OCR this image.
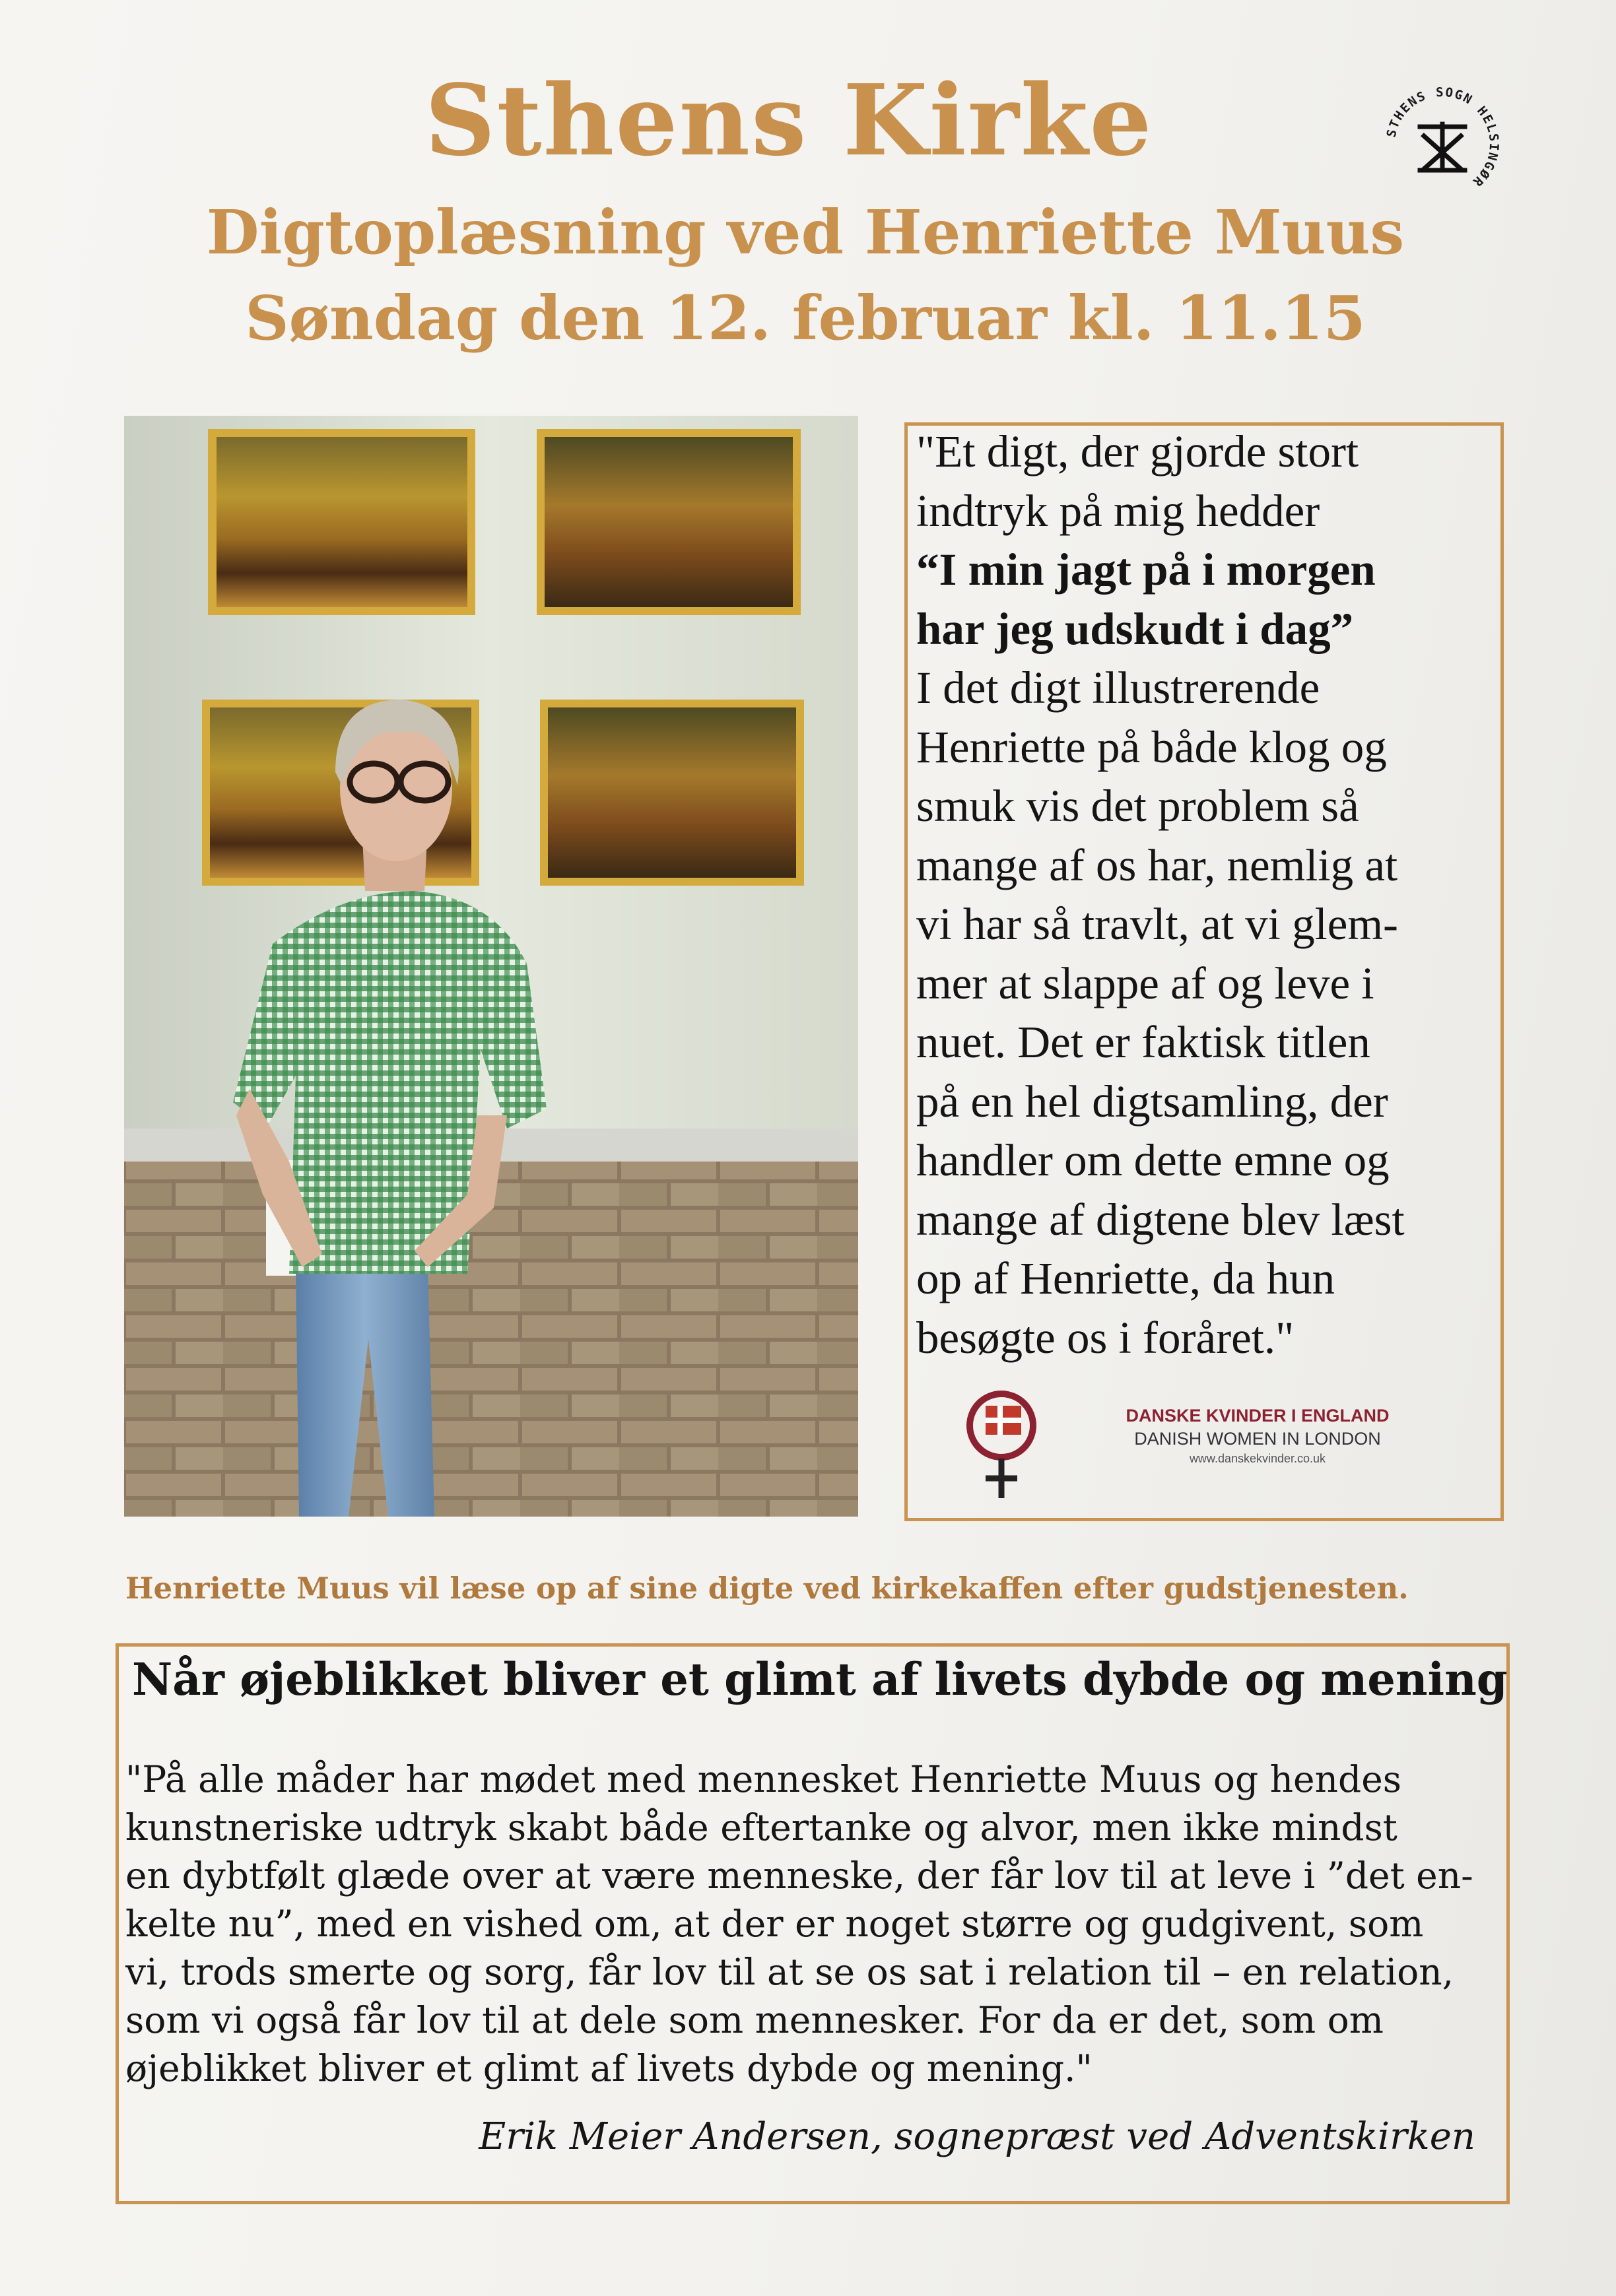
Sthens Kirke
Digtoplæsning ved Henriette Muus
Søndag den 12. februar kl. 11.15
STHENS SOGN HELSINGØR

"Et digt, der gjorde stort
indtryk på mig hedder
“I min jagt på i morgen
har jeg udskudt i dag”
I det digt illustrerende
Henriette på både klog og
smuk vis det problem så
mange af os har, nemlig at
vi har så travlt, at vi glem-
mer at slappe af og leve i
nuet. Det er faktisk titlen
på en hel digtsamling, der
handler om dette emne og
mange af digtene blev læst
op af Henriette, da hun
besøgte os i foråret."

DANSKE KVINDER I ENGLAND
DANISH WOMEN IN LONDON
www.danskekvinder.co.uk

Henriette Muus vil læse op af sine digte ved kirkekaffen efter gudstjenesten.

Når øjeblikket bliver et glimt af livets dybde og mening

"På alle måder har mødet med mennesket Henriette Muus og hendes
kunstneriske udtryk skabt både eftertanke og alvor, men ikke mindst
en dybtfølt glæde over at være menneske, der får lov til at leve i ”det en-
kelte nu”, med en vished om, at der er noget større og gudgivent, som
vi, trods smerte og sorg, får lov til at se os sat i relation til – en relation,
som vi også får lov til at dele som mennesker. For da er det, som om
øjeblikket bliver et glimt af livets dybde og mening."

Erik Meier Andersen, sognepræst ved Adventskirken
